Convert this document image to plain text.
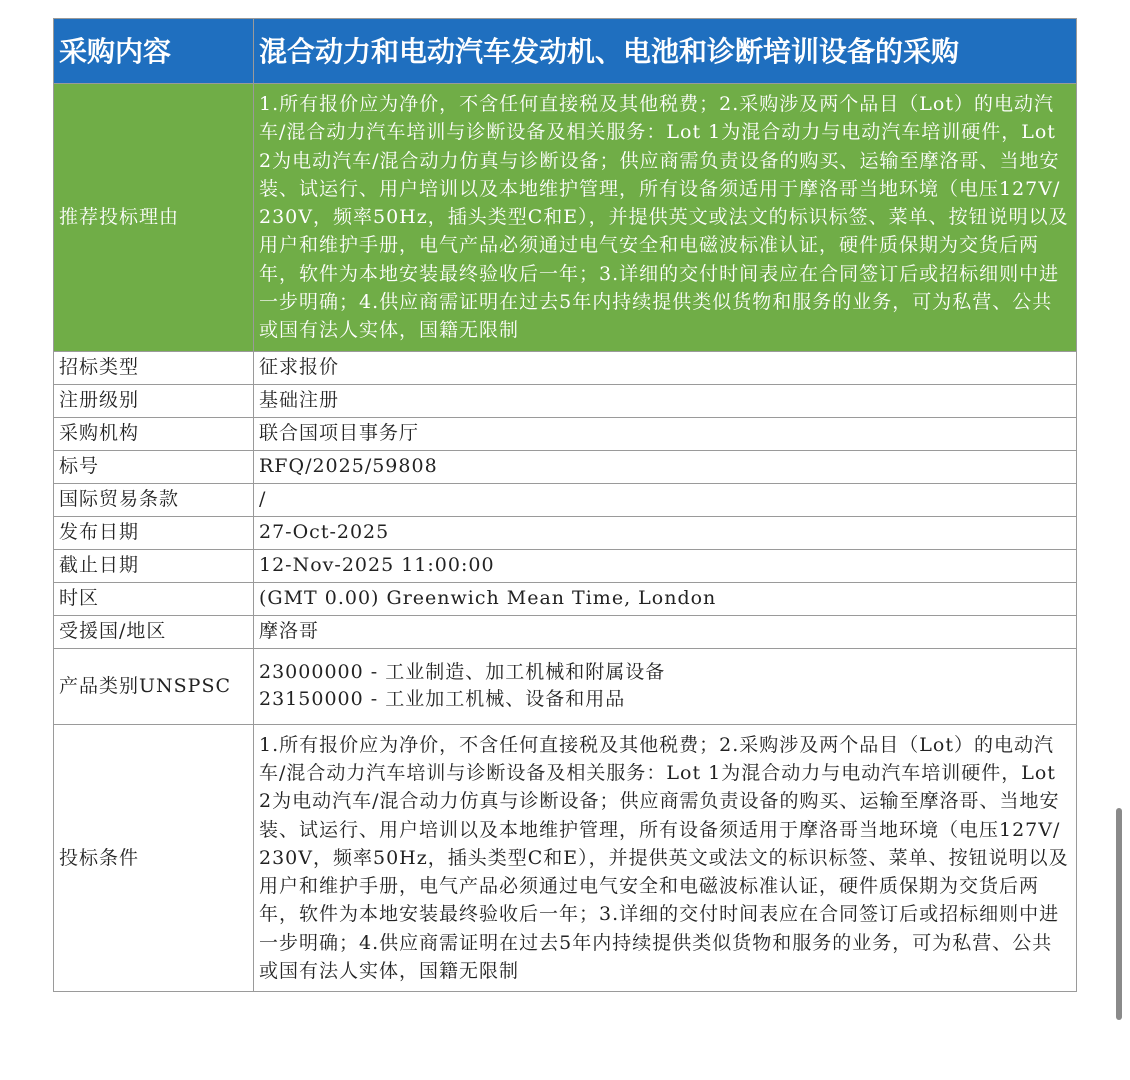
采购内容	混合动力和电动汽车发动机、电池和诊断培训设备的采购
推荐投标理由	1.所有报价应为净价，不含任何直接税及其他税费；2.采购涉及两个品目（Lot）的电动汽车/混合动力汽车培训与诊断设备及相关服务：Lot 1为混合动力与电动汽车培训硬件，Lot 2为电动汽车/混合动力仿真与诊断设备；供应商需负责设备的购买、运输至摩洛哥、当地安装、试运行、用户培训以及本地维护管理，所有设备须适用于摩洛哥当地环境（电压127V/230V，频率50Hz，插头类型C和E），并提供英文或法文的标识标签、菜单、按钮说明以及用户和维护手册，电气产品必须通过电气安全和电磁波标准认证，硬件质保期为交货后两年，软件为本地安装最终验收后一年；3.详细的交付时间表应在合同签订后或招标细则中进一步明确；4.供应商需证明在过去5年内持续提供类似货物和服务的业务，可为私营、公共或国有法人实体，国籍无限制
招标类型	征求报价
注册级别	基础注册
采购机构	联合国项目事务厅
标号	RFQ/2025/59808
国际贸易条款	/
发布日期	27-Oct-2025
截止日期	12-Nov-2025 11:00:00
时区	(GMT 0.00) Greenwich Mean Time, London
受援国/地区	摩洛哥
产品类别UNSPSC	23000000 - 工业制造、加工机械和附属设备
23150000 - 工业加工机械、设备和用品

投标条件	1.所有报价应为净价，不含任何直接税及其他税费；2.采购涉及两个品目（Lot）的电动汽车/混合动力汽车培训与诊断设备及相关服务：Lot 1为混合动力与电动汽车培训硬件，Lot 2为电动汽车/混合动力仿真与诊断设备；供应商需负责设备的购买、运输至摩洛哥、当地安装、试运行、用户培训以及本地维护管理，所有设备须适用于摩洛哥当地环境（电压127V/230V，频率50Hz，插头类型C和E），并提供英文或法文的标识标签、菜单、按钮说明以及用户和维护手册，电气产品必须通过电气安全和电磁波标准认证，硬件质保期为交货后两年，软件为本地安装最终验收后一年；3.详细的交付时间表应在合同签订后或招标细则中进一步明确；4.供应商需证明在过去5年内持续提供类似货物和服务的业务，可为私营、公共或国有法人实体，国籍无限制
